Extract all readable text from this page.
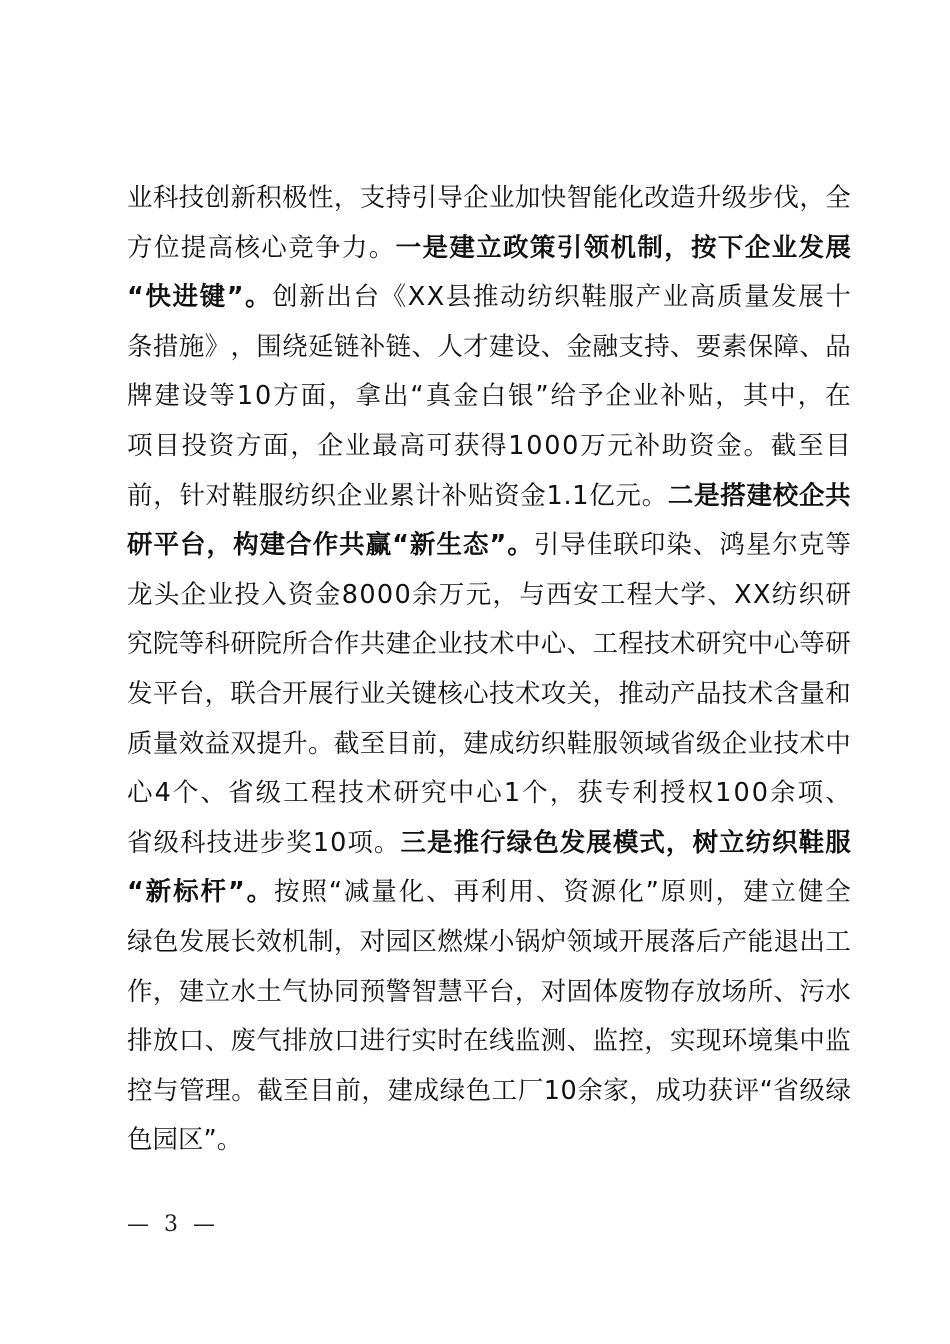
业 科 技 创 新 积 极 性 ， 支 持 引 导 企 业 加 快 智 能 化 改 造 升 级 步 伐 ， 全
方 位 提 高 核 心 竞 争 力 。 一 是 建 立 政 策 引 领 机 制 ， 按 下 企 业 发 展
“ 快 进 键 ” 。 创 新 出 台 《 X X 县 推 动 纺 织 鞋 服 产 业 高 质 量 发 展 十
条 措 施 》 ， 围 绕 延 链 补 链 、 人 才 建 设 、 金 融 支 持 、 要 素 保 障 、 品
牌 建 设 等 1 0 方 面 ， 拿 出 “ 真 金 白 银 ” 给 予 企 业 补 贴 ， 其 中 ， 在
项 目 投 资 方 面 ， 企 业 最 高 可 获 得 1 0 0 0 万 元 补 助 资 金 。 截 至 目
前 ， 针 对 鞋 服 纺 织 企 业 累 计 补 贴 资 金 1 . 1 亿 元 。 二 是 搭 建 校 企 共
研 平 台 ， 构 建 合 作 共 赢 “ 新 生 态 ” 。 引 导 佳 联 印 染 、 鸿 星 尔 克 等
龙 头 企 业 投 入 资 金 8 0 0 0 余 万 元 ， 与 西 安 工 程 大 学 、 X X 纺 织 研
究 院 等 科 研 院 所 合 作 共 建 企 业 技 术 中 心 、 工 程 技 术 研 究 中 心 等 研
发 平 台 ， 联 合 开 展 行 业 关 键 核 心 技 术 攻 关 ， 推 动 产 品 技 术 含 量 和
质 量 效 益 双 提 升 。 截 至 目 前 ， 建 成 纺 织 鞋 服 领 域 省 级 企 业 技 术 中
心 4 个 、 省 级 工 程 技 术 研 究 中 心 1 个 ， 获 专 利 授 权 1 0 0 余 项 、
省 级 科 技 进 步 奖 1 0 项 。 三 是 推 行 绿 色 发 展 模 式 ， 树 立 纺 织 鞋 服
“ 新 标 杆 ” 。 按 照 “ 减 量 化 、 再 利 用 、 资 源 化 ” 原 则 ， 建 立 健 全
绿 色 发 展 长 效 机 制 ， 对 园 区 燃 煤 小 锅 炉 领 域 开 展 落 后 产 能 退 出 工
作 ， 建 立 水 土 气 协 同 预 警 智 慧 平 台 ， 对 固 体 废 物 存 放 场 所 、 污 水
排 放 口 、 废 气 排 放 口 进 行 实 时 在 线 监 测 、 监 控 ， 实 现 环 境 集 中 监
控 与 管 理 。 截 至 目 前 ， 建 成 绿 色 工 厂 1 0 余 家 ， 成 功 获 评 “ 省 级 绿
色园区”。
— 3 —
